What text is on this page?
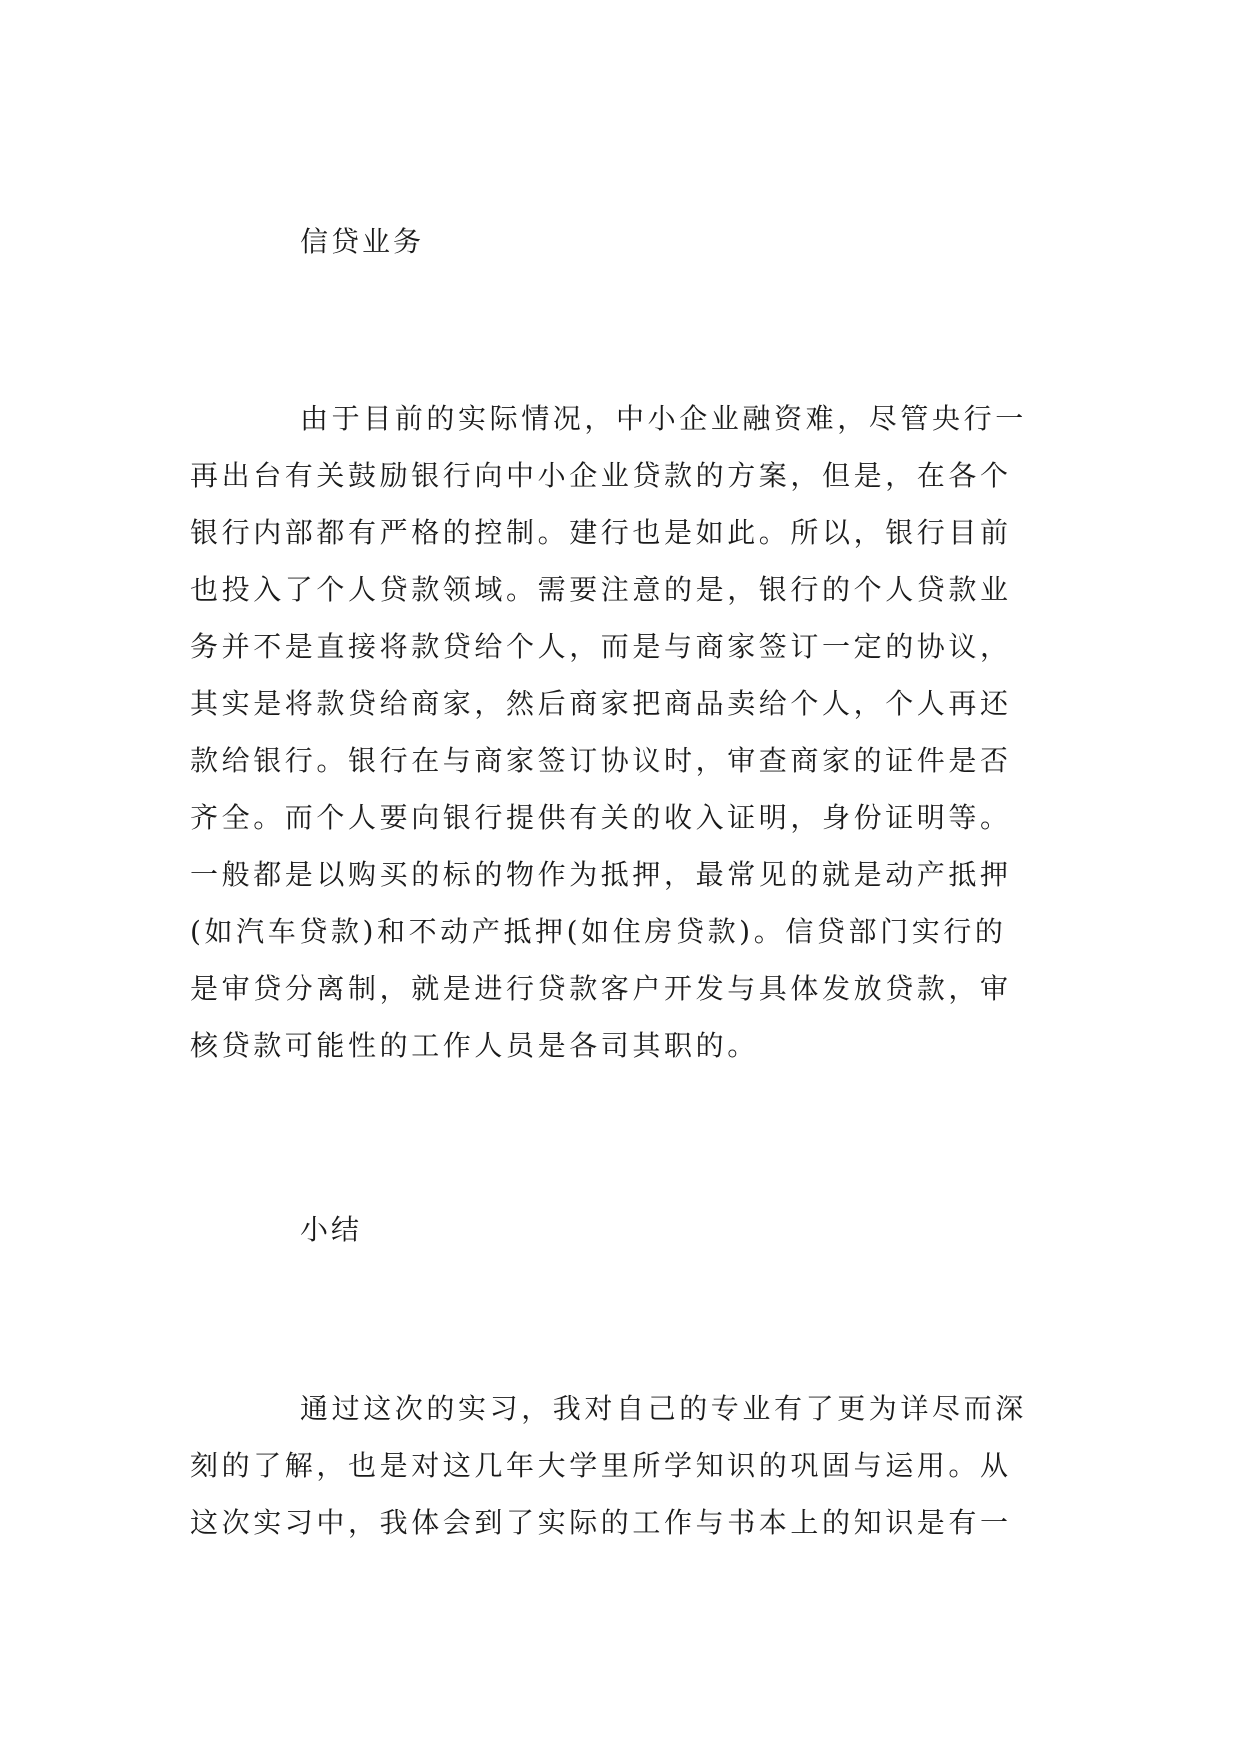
信贷业务
由于目前的实际情况，中小企业融资难，尽管央行一
再出台有关鼓励银行向中小企业贷款的方案，但是，在各个
银行内部都有严格的控制。建行也是如此。所以，银行目前
也投入了个人贷款领域。需要注意的是，银行的个人贷款业
务并不是直接将款贷给个人，而是与商家签订一定的协议，
其实是将款贷给商家，然后商家把商品卖给个人，个人再还
款给银行。银行在与商家签订协议时，审查商家的证件是否
齐全。而个人要向银行提供有关的收入证明，身份证明等。
一般都是以购买的标的物作为抵押，最常见的就是动产抵押
(如汽车贷款)和不动产抵押(如住房贷款)。信贷部门实行的
是审贷分离制，就是进行贷款客户开发与具体发放贷款，审
核贷款可能性的工作人员是各司其职的。
小结
通过这次的实习，我对自己的专业有了更为详尽而深
刻的了解，也是对这几年大学里所学知识的巩固与运用。从
这次实习中，我体会到了实际的工作与书本上的知识是有一
